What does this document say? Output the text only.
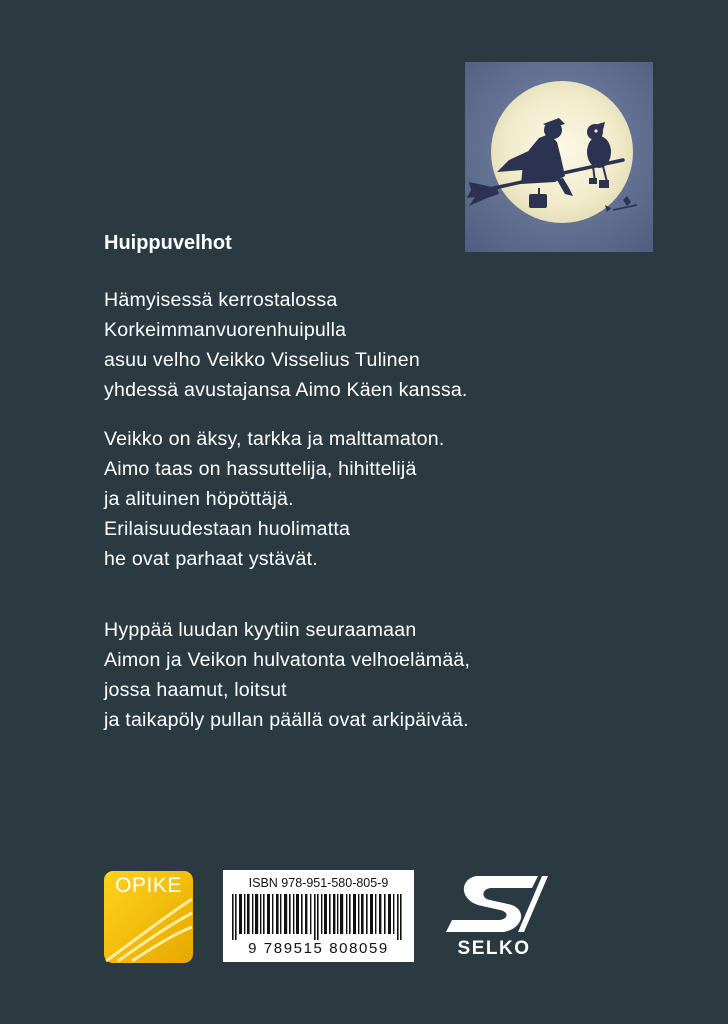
Huippuvelhot
Hämyisessä kerrostalossa
Korkeimmanvuorenhuipulla
asuu velho Veikko Visselius Tulinen
yhdessä avustajansa Aimo Käen kanssa.
Veikko on äksy, tarkka ja malttamaton.
Aimo taas on hassuttelija, hihittelijä
ja alituinen höpöttäjä.
Erilaisuudestaan huolimatta
he ovat parhaat ystävät.
Hyppää luudan kyytiin seuraamaan
Aimon ja Veikon hulvatonta velhoelämää,
jossa haamut, loitsut
ja taikapöly pullan päällä ovat arkipäivää.
OPIKE	ISBN 978-951-580-805-9
9 789515 808059	SELKO
